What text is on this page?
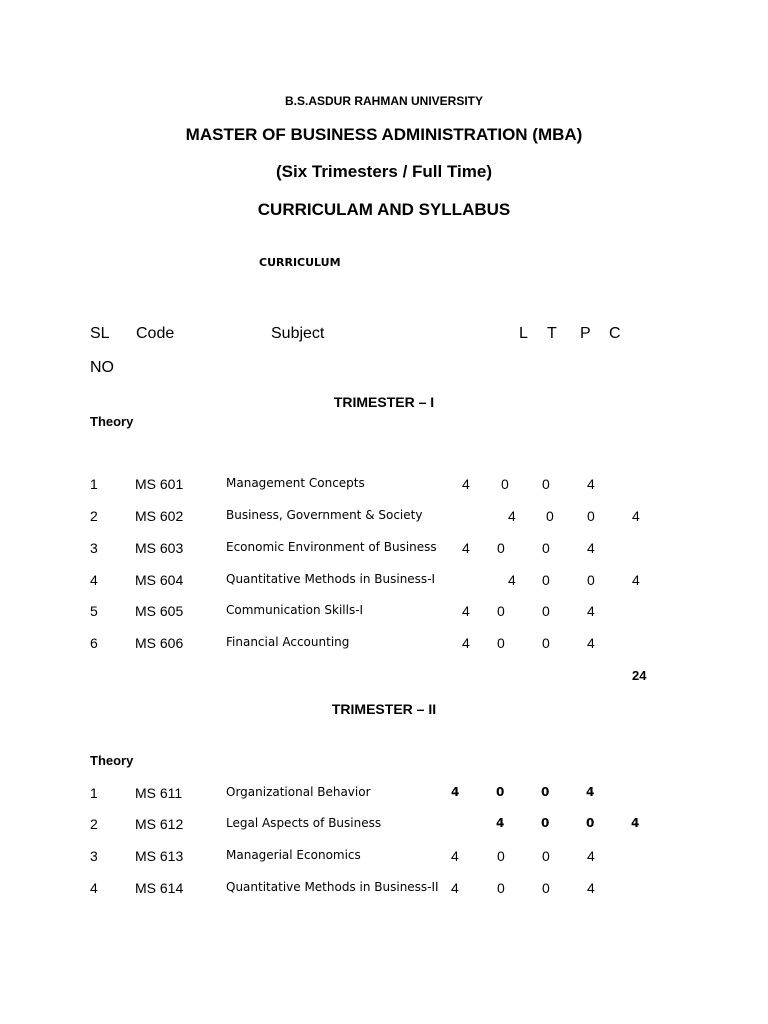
B.S.ASDUR RAHMAN UNIVERSITY
MASTER OF BUSINESS ADMINISTRATION (MBA)
(Six Trimesters / Full Time)
CURRICULAM AND SYLLABUS
CURRICULUM
SL
NO
Code	Subject	L T P C
TRIMESTER – I
Theory
1	MS 601	Management Concepts	4 0 0	4
2	MS 602	Business, Government & Society	4 0 0	4
3	MS 603	Economic Environment of Business 4 0	0	4
4	MS 604	Quantitative Methods in Business-I	4 0	0	4
5	MS 605	Communication Skills-I	4 0	0	4
6	MS 606	Financial Accounting	4 0	0	4
24
TRIMESTER – II
Theory
1	MS 611	Organizational Behavior	4	0	0	4
2	MS 612	Legal Aspects of Business	4	0	0	4
3	MS 613	Managerial Economics	4	0	0	4
4	MS 614	Quantitative Methods in Business-II 4	0	0	4
